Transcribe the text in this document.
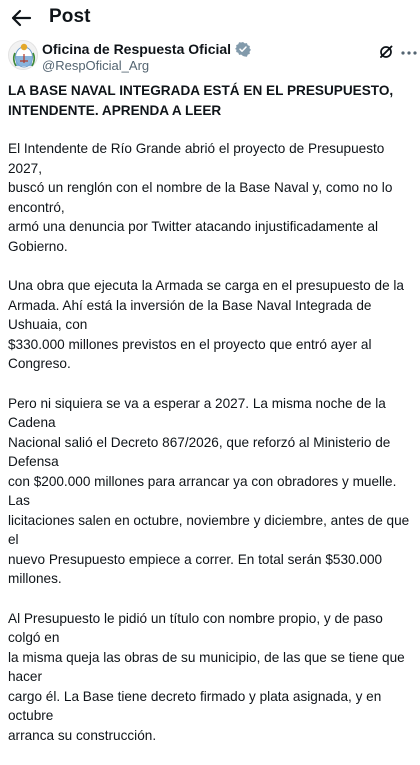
Post
Oficina de Respuesta Oficial
@RespOficial_Arg
LA BASE NAVAL INTEGRADA ESTÁ EN EL PRESUPUESTO,
INTENDENTE. APRENDA A LEER
El Intendente de Río Grande abrió el proyecto de Presupuesto 2027,
buscó un renglón con el nombre de la Base Naval y, como no lo encontró,
armó una denuncia por Twitter atacando injustificadamente al Gobierno.
Una obra que ejecuta la Armada se carga en el presupuesto de la
Armada. Ahí está la inversión de la Base Naval Integrada de Ushuaia, con
$330.000 millones previstos en el proyecto que entró ayer al Congreso.
Pero ni siquiera se va a esperar a 2027. La misma noche de la Cadena
Nacional salió el Decreto 867/2026, que reforzó al Ministerio de Defensa
con $200.000 millones para arrancar ya con obradores y muelle. Las
licitaciones salen en octubre, noviembre y diciembre, antes de que el
nuevo Presupuesto empiece a correr. En total serán $530.000 millones.
Al Presupuesto le pidió un título con nombre propio, y de paso colgó en
la misma queja las obras de su municipio, de las que se tiene que hacer
cargo él. La Base tiene decreto firmado y plata asignada, y en octubre
arranca su construcción.
